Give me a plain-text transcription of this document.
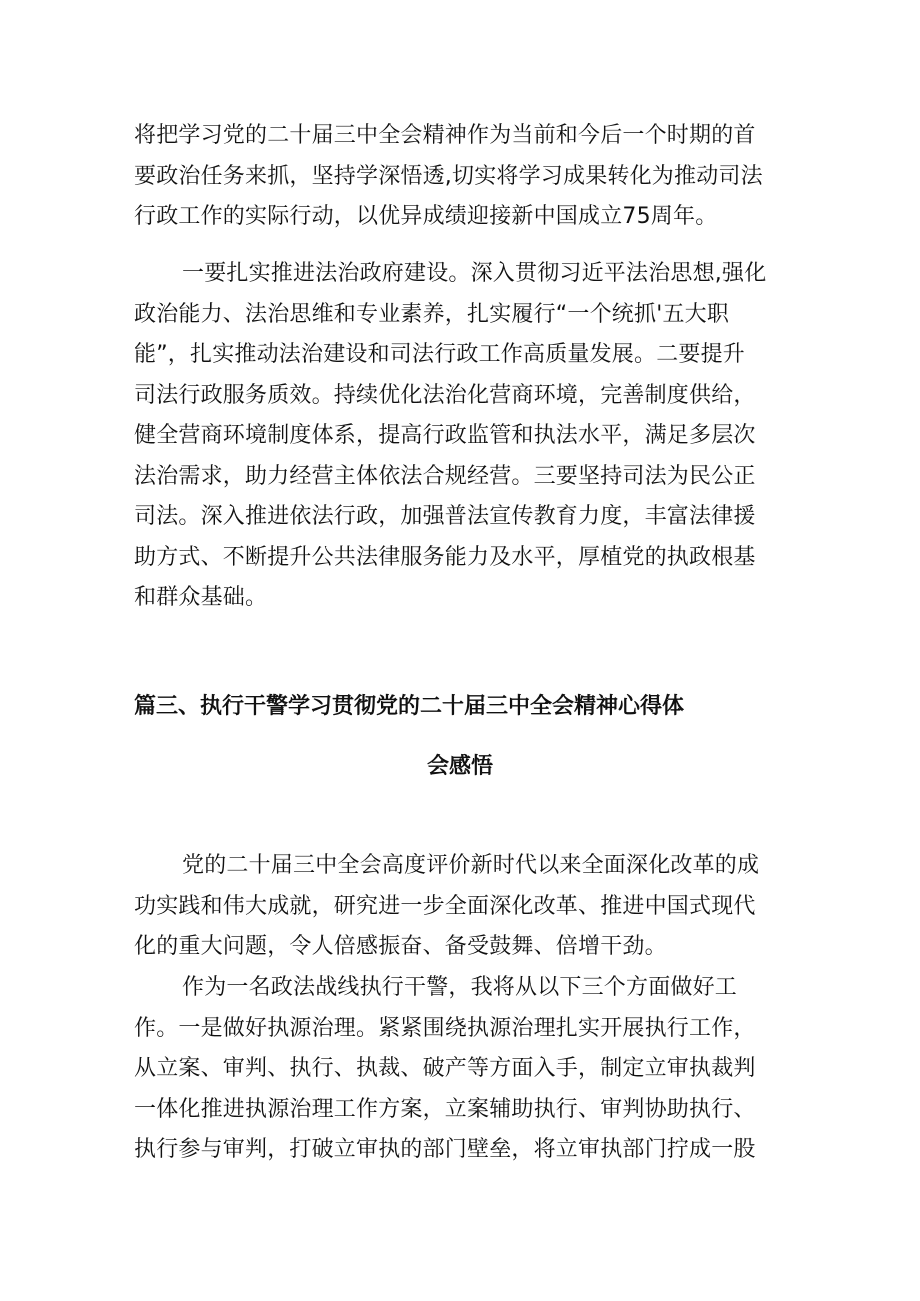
将把学习党的二十届三中全会精神作为当前和今后一个时期的首
要政治任务来抓，坚持学深悟透,切实将学习成果转化为推动司法
行政工作的实际行动，以优异成绩迎接新中国成立75周年。
一要扎实推进法治政府建设。深入贯彻习近平法治思想,强化
政治能力、法治思维和专业素养，扎实履行“一个统抓'五大职
能”，扎实推动法治建设和司法行政工作高质量发展。二要提升
司法行政服务质效。持续优化法治化营商环境，完善制度供给，
健全营商环境制度体系，提高行政监管和执法水平，满足多层次
法治需求，助力经营主体依法合规经营。三要坚持司法为民公正
司法。深入推进依法行政，加强普法宣传教育力度，丰富法律援
助方式、不断提升公共法律服务能力及水平，厚植党的执政根基
和群众基础。
篇三、执行干警学习贯彻党的二十届三中全会精神心得体
会感悟
党的二十届三中全会高度评价新时代以来全面深化改革的成
功实践和伟大成就，研究进一步全面深化改革、推进中国式现代
化的重大问题，令人倍感振奋、备受鼓舞、倍增干劲。
作为一名政法战线执行干警，我将从以下三个方面做好工
作。一是做好执源治理。紧紧围绕执源治理扎实开展执行工作，
从立案、审判、执行、执裁、破产等方面入手，制定立审执裁判
一体化推进执源治理工作方案，立案辅助执行、审判协助执行、
执行参与审判，打破立审执的部门壁垒，将立审执部门拧成一股
